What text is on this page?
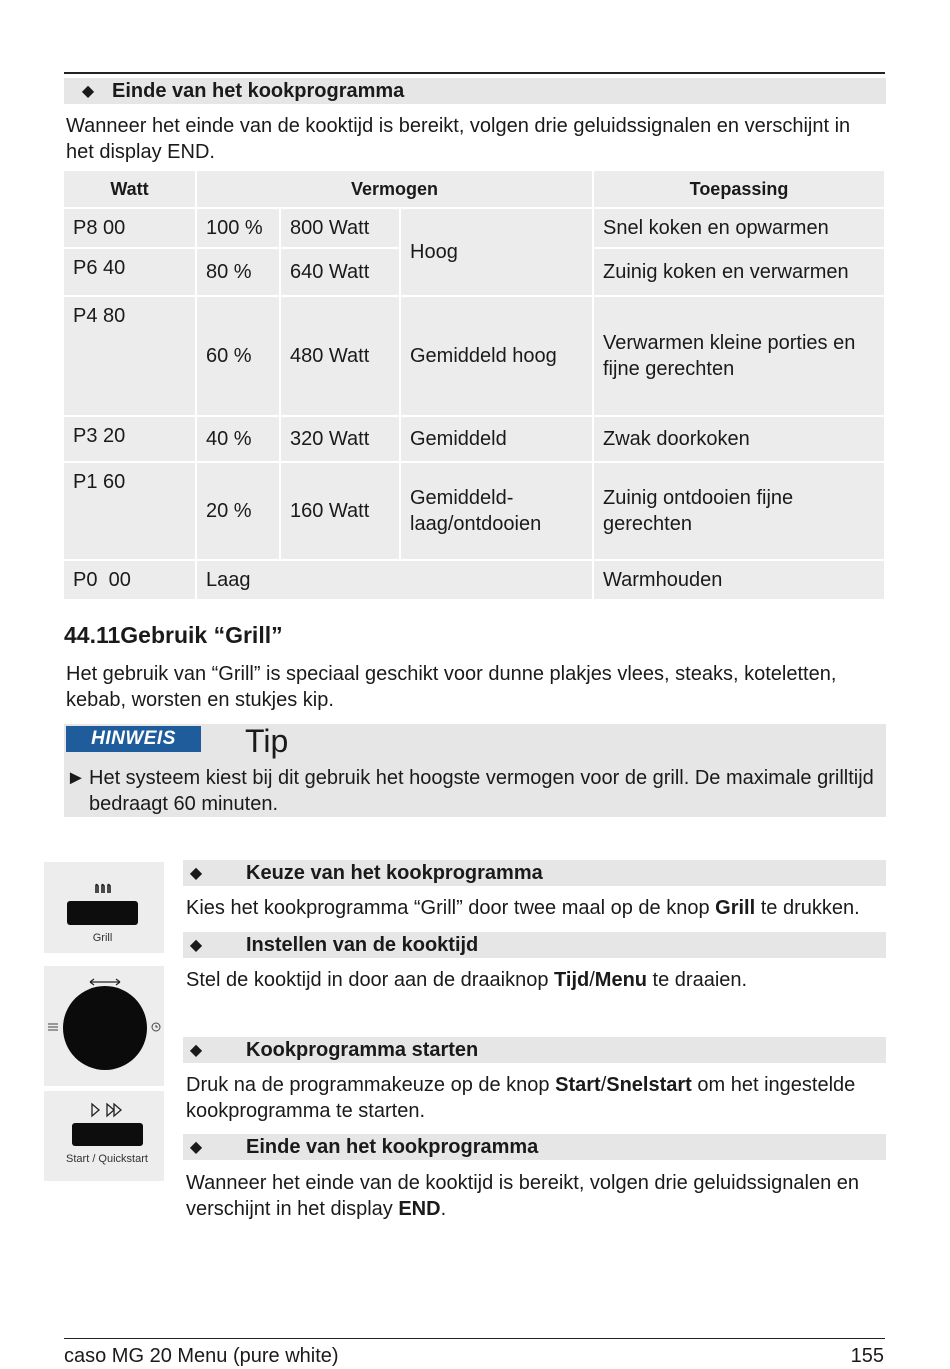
◆ Einde van het kookprogramma
Wanneer het einde van de kooktijd is bereikt, volgen drie geluidssignalen en verschijnt in het display END.
Watt	Vermogen			Toepassing
P8 00	100 %	800 Watt	Hoog	Snel koken en opwarmen
P6 40	80 %	640 Watt		Zuinig koken en verwarmen
P4 80	60 %	480 Watt	Gemiddeld hoog	Verwarmen kleine porties en fijne gerechten
P3 20	40 %	320 Watt	Gemiddeld	Zwak doorkoken
P1 60	20 %	160 Watt	Gemiddeld-laag/ontdooien	Zuinig ontdooien fijne gerechten
P0  00	Laag			Warmhouden
44.11Gebruik “Grill”
Het gebruik van “Grill” is speciaal geschikt voor dunne plakjes vlees, steaks, koteletten, kebab, worsten en stukjes kip.
HINWEIS	Tip
► Het systeem kiest bij dit gebruik het hoogste vermogen voor de grill. De maximale grilltijd bedraagt 60 minuten.
Grill
Start / Quickstart
◆	Keuze van het kookprogramma
Kies het kookprogramma “Grill” door twee maal op de knop Grill te drukken.
◆	Instellen van de kooktijd
Stel de kooktijd in door aan de draaiknop Tijd/Menu te draaien.
◆	Kookprogramma starten
Druk na de programmakeuze op de knop Start/Snelstart om het ingestelde kookprogramma te starten.
◆	Einde van het kookprogramma
Wanneer het einde van de kooktijd is bereikt, volgen drie geluidssignalen en verschijnt in het display END.
caso MG 20 Menu (pure white)	155
